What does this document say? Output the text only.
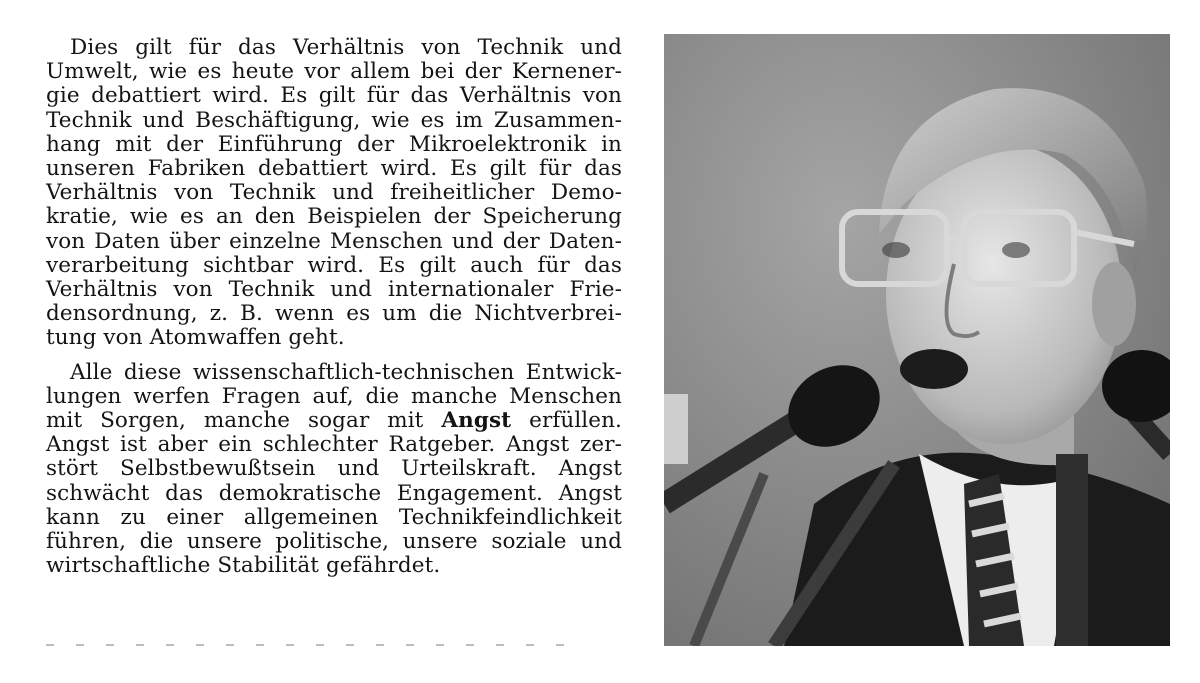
Dies gilt für das Verhältnis von Technik und
Umwelt, wie es heute vor allem bei der Kernener-
gie debattiert wird. Es gilt für das Verhältnis von
Technik und Beschäftigung, wie es im Zusammen-
hang mit der Einführung der Mikroelektronik in
unseren Fabriken debattiert wird. Es gilt für das
Verhältnis von Technik und freiheitlicher Demo-
kratie, wie es an den Beispielen der Speicherung
von Daten über einzelne Menschen und der Daten-
verarbeitung sichtbar wird. Es gilt auch für das
Verhältnis von Technik und internationaler Frie-
densordnung, z. B. wenn es um die Nichtverbrei-
tung von Atomwaffen geht.

Alle diese wissenschaftlich-technischen Entwick-
lungen werfen Fragen auf, die manche Menschen
mit Sorgen, manche sogar mit Angst erfüllen.
Angst ist aber ein schlechter Ratgeber. Angst zer-
stört Selbstbewußtsein und Urteilskraft. Angst
schwächt das demokratische Engagement. Angst
kann zu einer allgemeinen Technikfeindlichkeit
führen, die unsere politische, unsere soziale und
wirtschaftliche Stabilität gefährdet.
